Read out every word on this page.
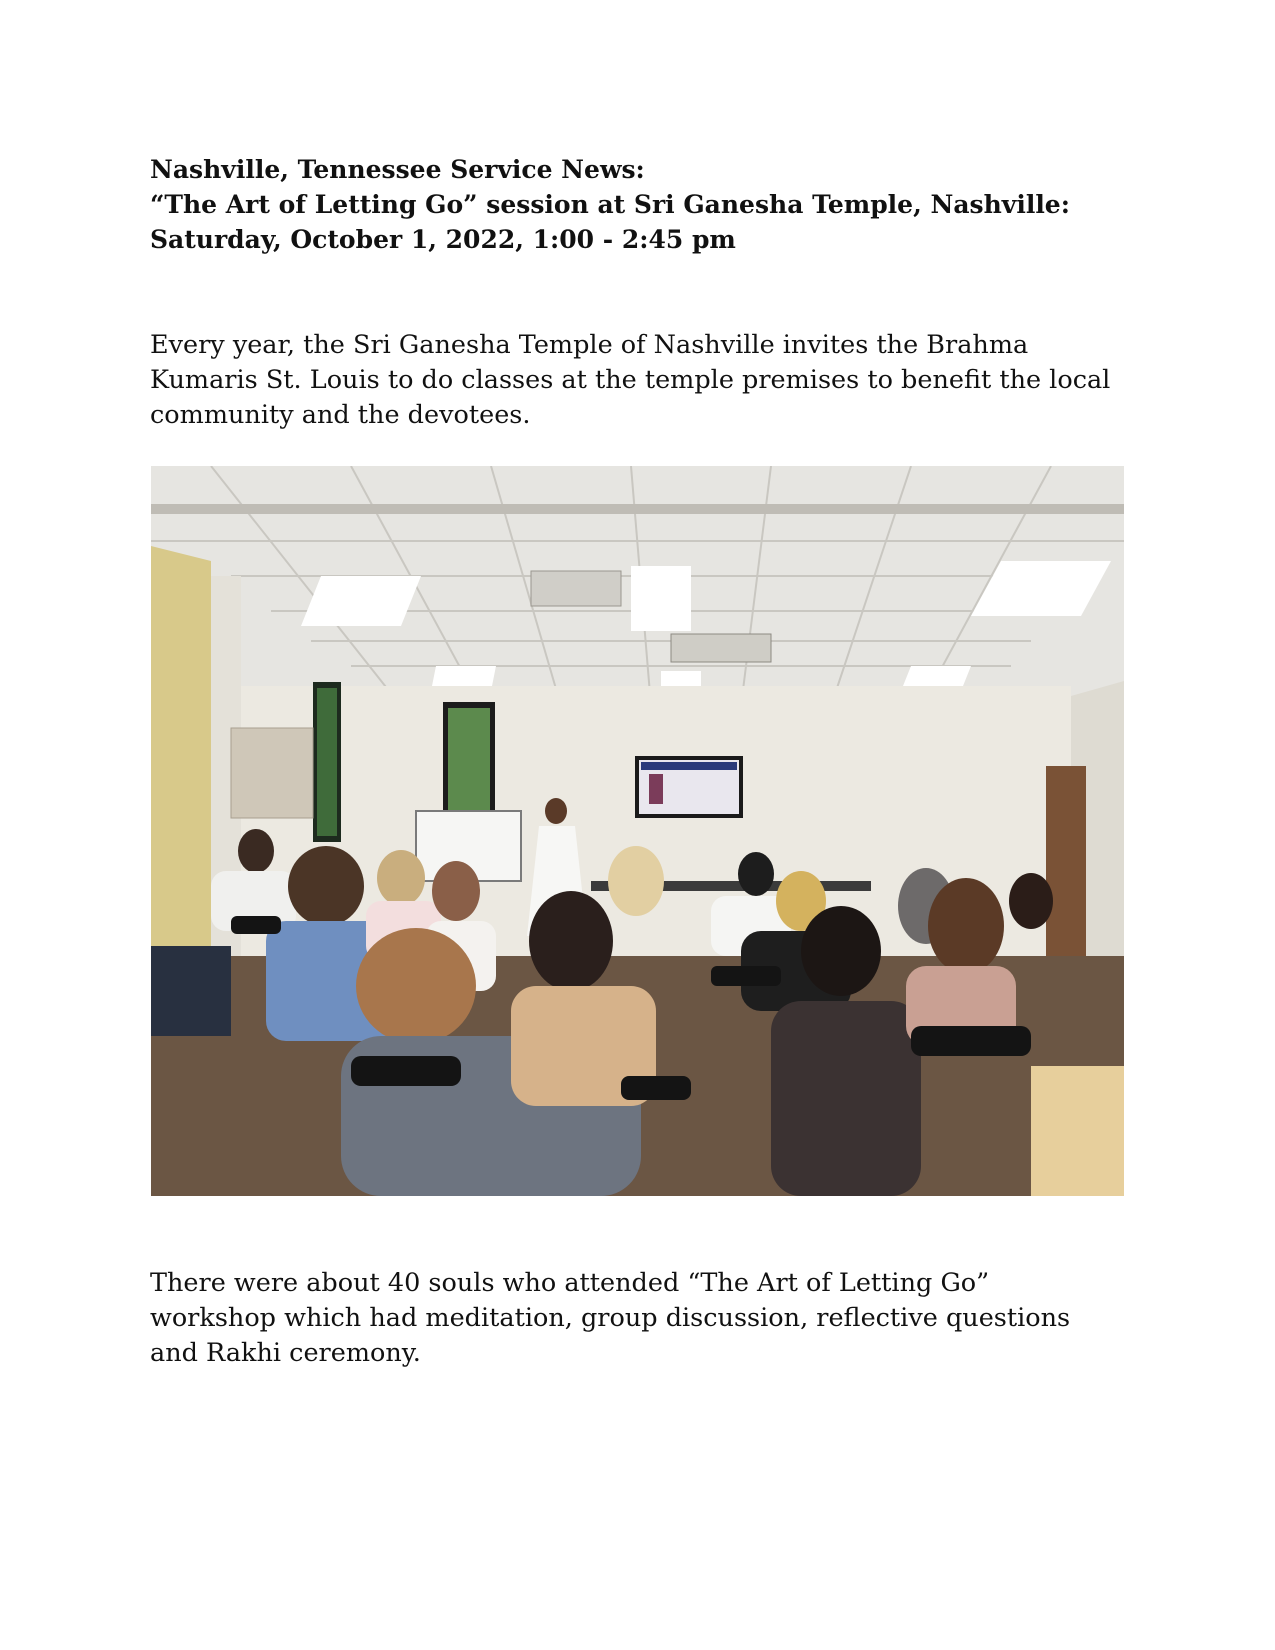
Nashville, Tennessee Service News:
“The Art of Letting Go” session at Sri Ganesha Temple, Nashville:
Saturday, October 1, 2022, 1:00 - 2:45 pm
Every year, the Sri Ganesha Temple of Nashville invites the Brahma
Kumaris St. Louis to do classes at the temple premises to benefit the local
community and the devotees.
There were about 40 souls who attended “The Art of Letting Go”
workshop which had meditation, group discussion, reflective questions
and Rakhi ceremony.
